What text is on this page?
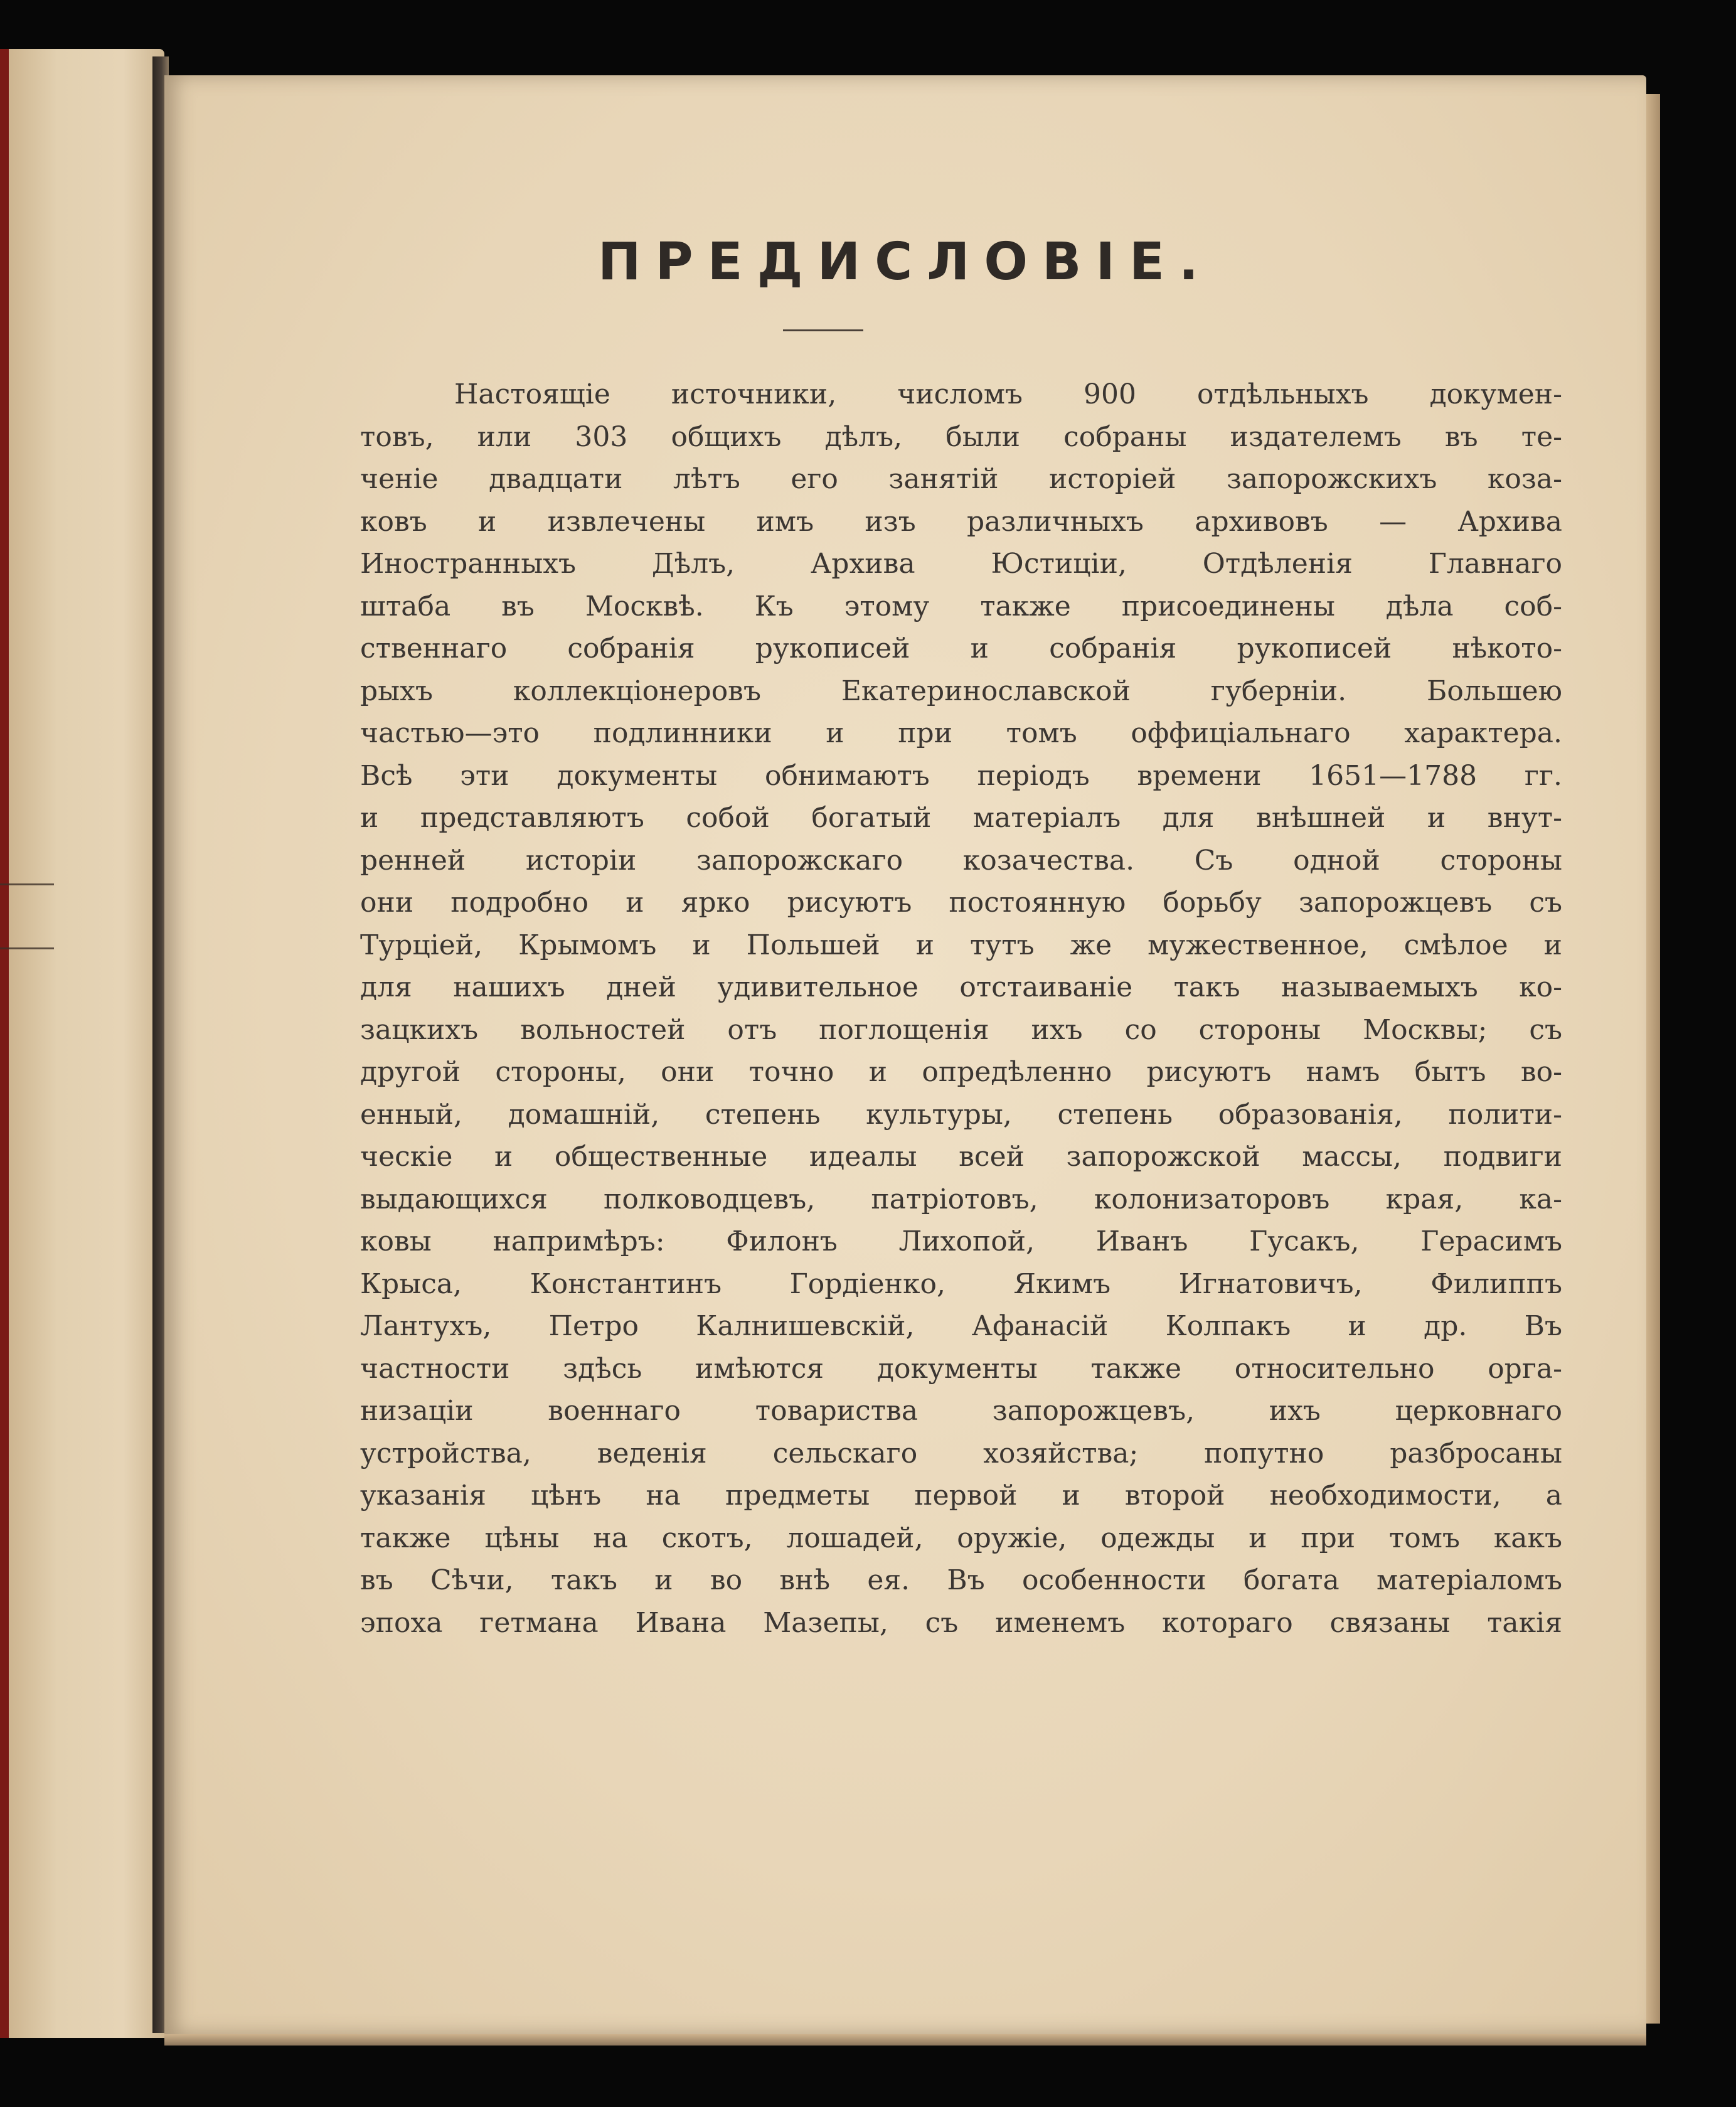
ПРЕДИСЛОВІЕ.
Настоящіе источники, числомъ 900 отдѣльныхъ докумен-
товъ, или 303 общихъ дѣлъ, были собраны издателемъ въ те-
ченіе двадцати лѣтъ его занятій исторіей запорожскихъ коза-
ковъ и извлечены имъ изъ различныхъ архивовъ — Архива
Иностранныхъ Дѣлъ, Архива Юстиціи, Отдѣленія Главнаго
штаба въ Москвѣ. Къ этому также присоединены дѣла соб-
ственнаго собранія рукописей и собранія рукописей нѣкото-
рыхъ коллекціонеровъ Екатеринославской губерніи. Большею
частью—это подлинники и при томъ оффиціальнаго характера.
Всѣ эти документы обнимаютъ періодъ времени 1651—1788 гг.
и представляютъ собой богатый матеріалъ для внѣшней и внут-
ренней исторіи запорожскаго козачества. Съ одной стороны
они подробно и ярко рисуютъ постоянную борьбу запорожцевъ съ
Турціей, Крымомъ и Польшей и тутъ же мужественное, смѣлое и
для нашихъ дней удивительное отстаиваніе такъ называемыхъ ко-
зацкихъ вольностей отъ поглощенія ихъ со стороны Москвы; съ
другой стороны, они точно и опредѣленно рисуютъ намъ бытъ во-
енный, домашній, степень культуры, степень образованія, полити-
ческіе и общественные идеалы всей запорожской массы, подвиги
выдающихся полководцевъ, патріотовъ, колонизаторовъ края, ка-
ковы напримѣръ: Филонъ Лихопой, Иванъ Гусакъ, Герасимъ
Крыса, Константинъ Гордіенко, Якимъ Игнатовичъ, Филиппъ
Лантухъ, Петро Калнишевскій, Афанасій Колпакъ и др. Въ
частности здѣсь имѣются документы также относительно орга-
низаціи военнаго товариства запорожцевъ, ихъ церковнаго
устройства, веденія сельскаго хозяйства; попутно разбросаны
указанія цѣнъ на предметы первой и второй необходимости, а
также цѣны на скотъ, лошадей, оружіе, одежды и при томъ какъ
въ Сѣчи, такъ и во внѣ ея. Въ особенности богата матеріаломъ
эпоха гетмана Ивана Мазепы, съ именемъ котораго связаны такія
